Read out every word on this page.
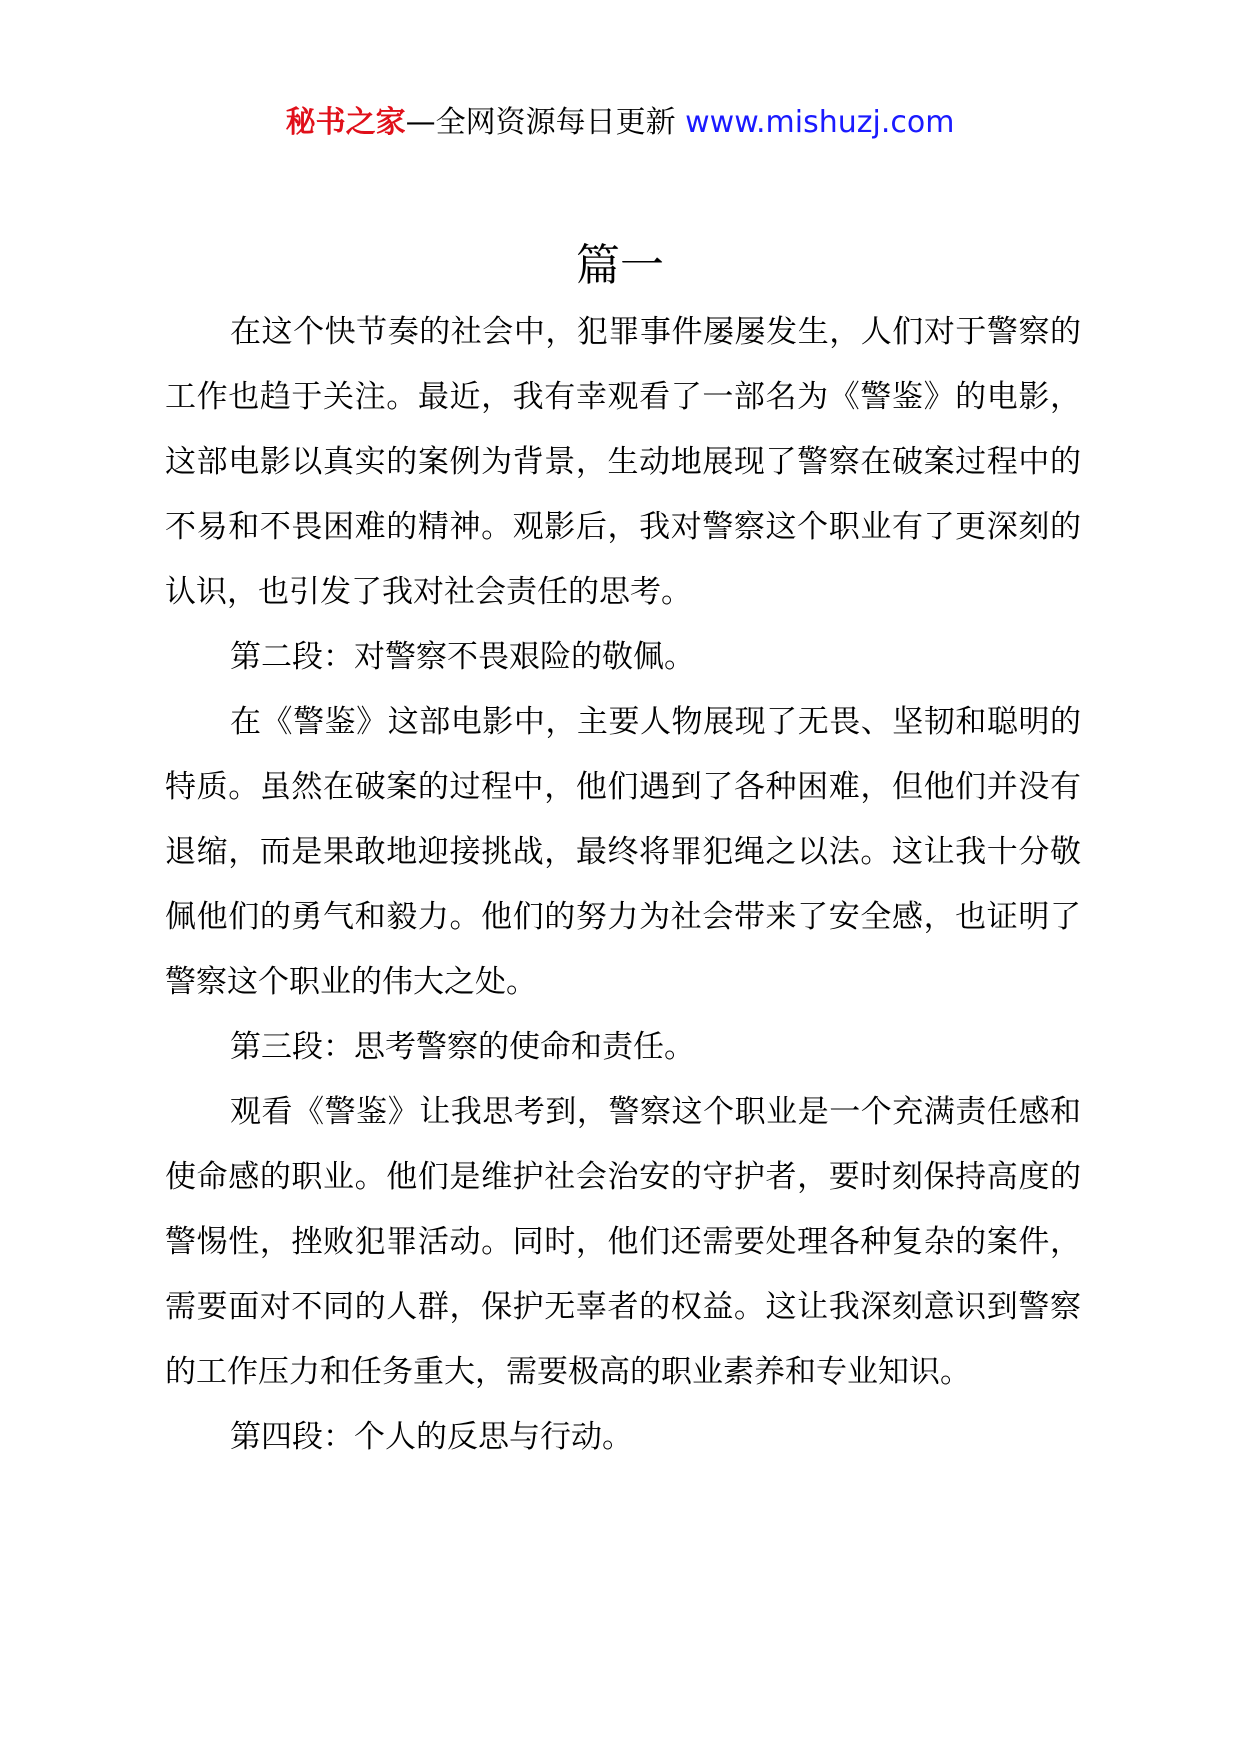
秘书之家—全网资源每日更新 www.mishuzj.com
篇一

在这个快节奏的社会中，犯罪事件屡屡发生，人们对于警察的工作也趋于关注。最近，我有幸观看了一部名为《警鉴》的电影，这部电影以真实的案例为背景，生动地展现了警察在破案过程中的不易和不畏困难的精神。观影后，我对警察这个职业有了更深刻的认识，也引发了我对社会责任的思考。

第二段：对警察不畏艰险的敬佩。

在《警鉴》这部电影中，主要人物展现了无畏、坚韧和聪明的特质。虽然在破案的过程中，他们遇到了各种困难，但他们并没有退缩，而是果敢地迎接挑战，最终将罪犯绳之以法。这让我十分敬佩他们的勇气和毅力。他们的努力为社会带来了安全感，也证明了警察这个职业的伟大之处。

第三段：思考警察的使命和责任。

观看《警鉴》让我思考到，警察这个职业是一个充满责任感和使命感的职业。他们是维护社会治安的守护者，要时刻保持高度的警惕性，挫败犯罪活动。同时，他们还需要处理各种复杂的案件，需要面对不同的人群，保护无辜者的权益。这让我深刻意识到警察的工作压力和任务重大，需要极高的职业素养和专业知识。

第四段：个人的反思与行动。
